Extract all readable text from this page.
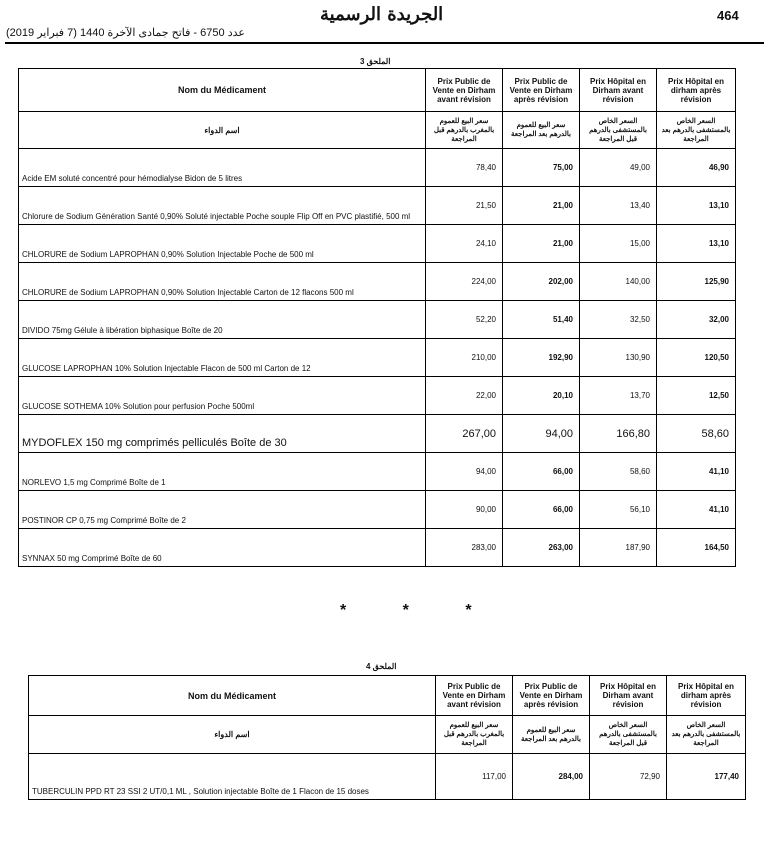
464
الجريدة الرسمية
عدد 6750 - فاتح جمادى الآخرة 1440 (7 فبراير 2019)
الملحق 3
Nom du Médicament	Prix Public de Vente en Dirham avant révision	Prix Public de Vente en Dirham après révision	Prix Hôpital en Dirham avant révision	Prix Hôpital en dirham après révision
اسم الدواء	سعر البيع للعموم بالمغرب بالدرهم قبل المراجعة	سعر البيع للعموم بالدرهم بعد المراجعة	السعر الخاص بالمستشفى بالدرهم قبل المراجعة	السعر الخاص بالمستشفى بالدرهم بعد المراجعة
Acide EM soluté concentré pour hémodialyse Bidon de 5 litres	78,40	75,00	49,00	46,90
Chlorure de Sodium Génération Santé 0,90% Soluté injectable Poche souple Flip Off en PVC plastifié, 500 ml	21,50	21,00	13,40	13,10
CHLORURE de Sodium LAPROPHAN 0,90% Solution Injectable Poche de 500 ml	24,10	21,00	15,00	13,10
CHLORURE de Sodium LAPROPHAN 0,90% Solution Injectable Carton de 12 flacons 500 ml	224,00	202,00	140,00	125,90
DIVIDO 75mg Gélule à libération biphasique Boîte de 20	52,20	51,40	32,50	32,00
GLUCOSE LAPROPHAN 10% Solution Injectable Flacon de 500 ml Carton de 12	210,00	192,90	130,90	120,50
GLUCOSE SOTHEMA 10% Solution pour perfusion Poche 500ml	22,00	20,10	13,70	12,50
MYDOFLEX 150 mg comprimés pelliculés Boîte de 30	267,00	94,00	166,80	58,60
NORLEVO 1,5 mg Comprimé Boîte de 1	94,00	66,00	58,60	41,10
POSTINOR CP 0,75 mg Comprimé Boîte de 2	90,00	66,00	56,10	41,10
SYNNAX 50 mg Comprimé Boîte de 60	283,00	263,00	187,90	164,50
* * *
الملحق 4
Nom du Médicament	Prix Public de Vente en Dirham avant révision	Prix Public de Vente en Dirham après révision	Prix Hôpital en Dirham avant révision	Prix Hôpital en dirham après révision
اسم الدواء	سعر البيع للعموم بالمغرب بالدرهم قبل المراجعة	سعر البيع للعموم بالدرهم بعد المراجعة	السعر الخاص بالمستشفى بالدرهم قبل المراجعة	السعر الخاص بالمستشفى بالدرهم بعد المراجعة
TUBERCULIN PPD RT 23 SSI 2 UT/0,1 ML , Solution injectable Boîte de 1 Flacon de 15 doses	117,00	284,00	72,90	177,40
